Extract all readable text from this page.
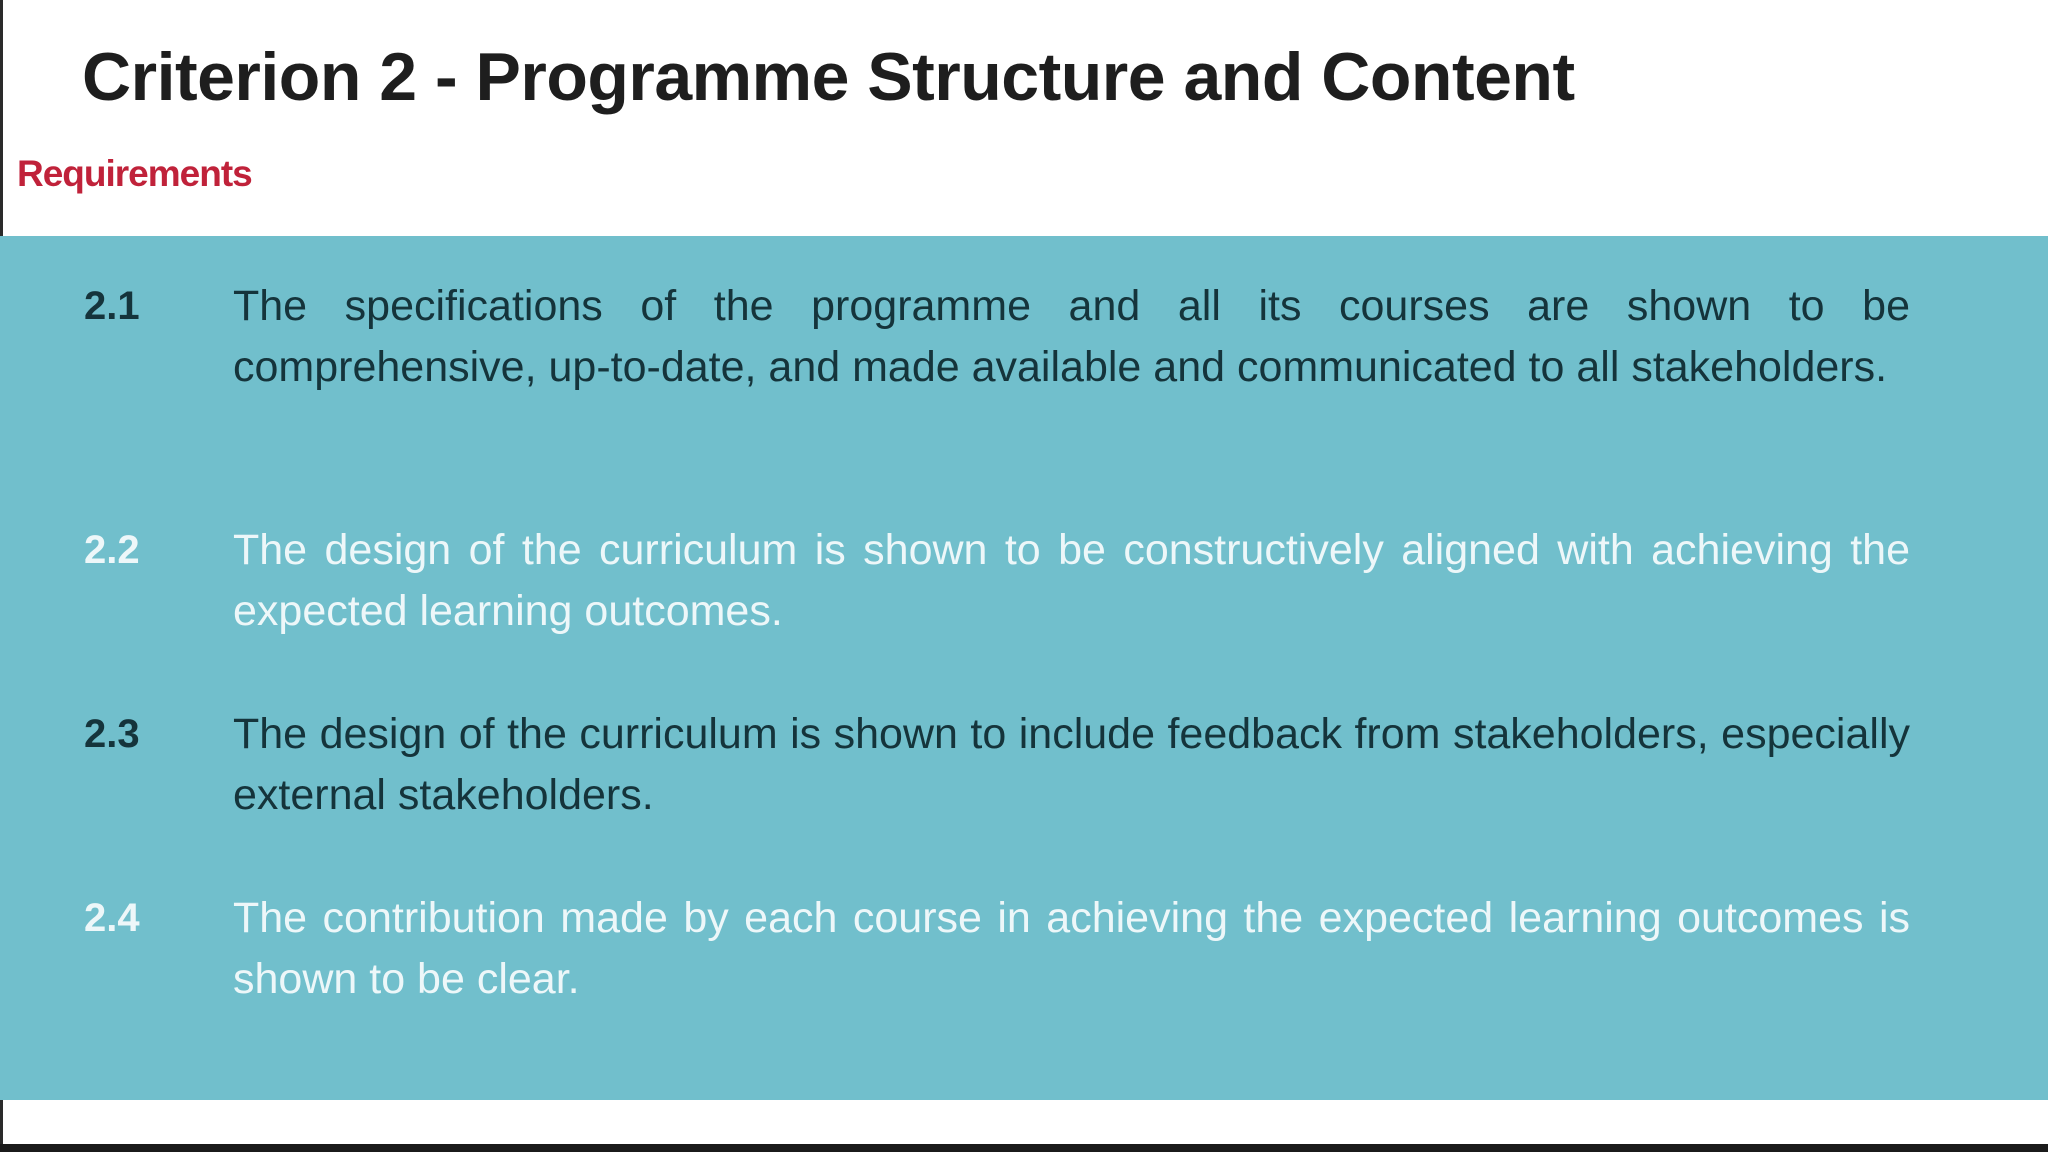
Criterion 2 - Programme Structure and Content
Requirements
2.1 The specifications of the programme and all its courses are shown to be comprehensive, up-to-date, and made available and communicated to all stakeholders.

2.2 The design of the curriculum is shown to be constructively aligned with achieving the expected learning outcomes.

2.3 The design of the curriculum is shown to include feedback from stakeholders, especially external stakeholders.

2.4 The contribution made by each course in achieving the expected learning outcomes is shown to be clear.
